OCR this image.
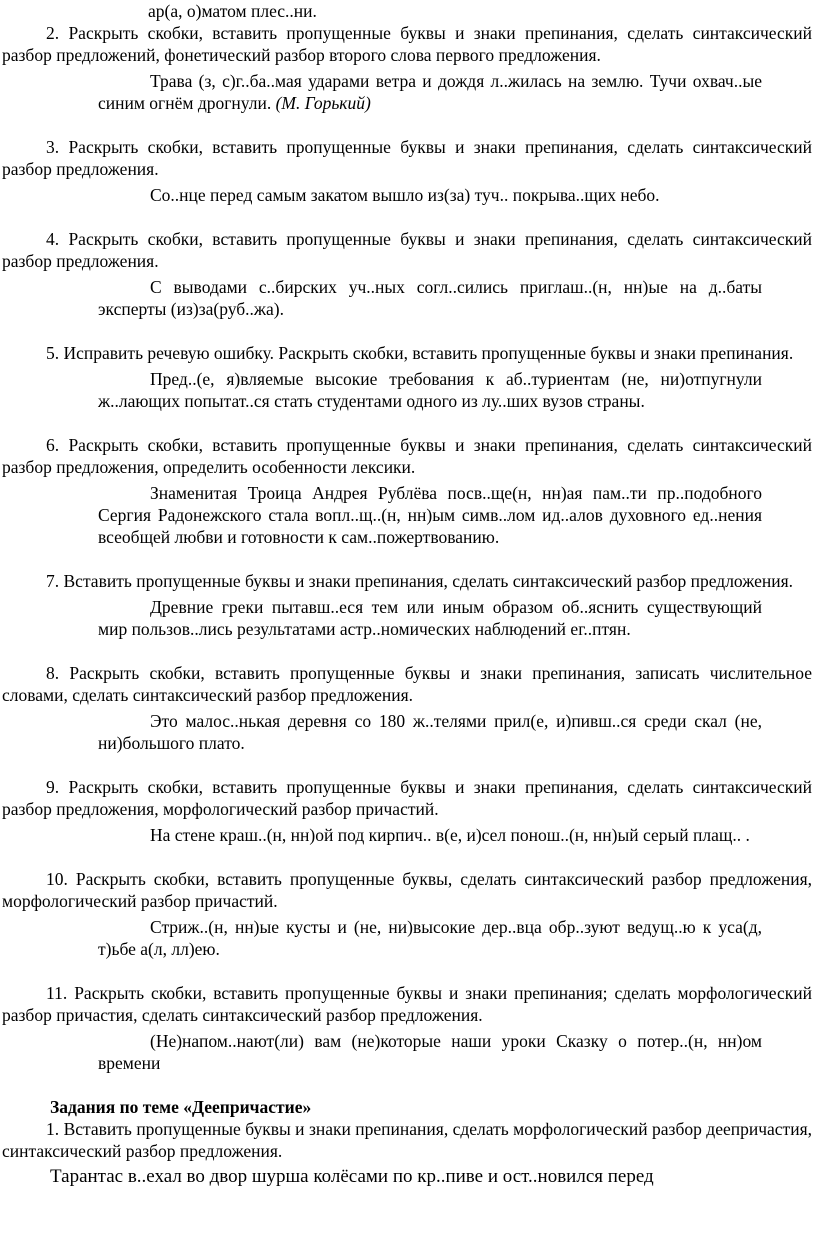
ар(а, о)матом плес..ни.

2. Раскрыть скобки, вставить пропущенные буквы и знаки препинания, сделать синтаксический разбор предложений, фонетический разбор второго слова первого предложения.

Трава (з, с)г..ба..мая ударами ветра и дождя л..жилась на землю. Тучи охвач..ые синим огнём дрогнули. (М. Горький)

3. Раскрыть скобки, вставить пропущенные буквы и знаки препинания, сделать синтаксический разбор предложения.

Со..нце перед самым закатом вышло из(за) туч.. покрыва..щих небо.

4. Раскрыть скобки, вставить пропущенные буквы и знаки препинания, сделать синтаксический разбор предложения.

С выводами с..бирских уч..ных согл..сились приглаш..(н, нн)ые на д..баты эксперты (из)за(руб..жа).

5. Исправить речевую ошибку. Раскрыть скобки, вставить пропущенные буквы и знаки препинания.

Пред..(е, я)вляемые высокие требования к аб..туриентам (не, ни)отпугнули ж..лающих попытат..ся стать студентами одного из лу..ших вузов страны.

6. Раскрыть скобки, вставить пропущенные буквы и знаки препинания, сделать синтаксический разбор предложения, определить особенности лексики.

Знаменитая Троица Андрея Рублёва посв..ще(н, нн)ая пам..ти пр..подобного Сергия Радонежского стала вопл..щ..(н, нн)ым симв..лом ид..алов духовного ед..нения всеобщей любви и готовности к сам..пожертвованию.

7. Вставить пропущенные буквы и знаки препинания, сделать синтаксический разбор предложения.

Древние греки пытавш..еся тем или иным образом об..яснить существующий мир пользов..лись результатами астр..номических наблюдений ег..птян.

8. Раскрыть скобки, вставить пропущенные буквы и знаки препинания, записать числительное словами, сделать синтаксический разбор предложения.

Это малос..нькая деревня со 180 ж..телями прил(е, и)пивш..ся среди скал (не, ни)большого плато.

9. Раскрыть скобки, вставить пропущенные буквы и знаки препинания, сделать синтаксический разбор предложения, морфологический разбор причастий.

На стене краш..(н, нн)ой под кирпич.. в(е, и)сел понош..(н, нн)ый серый плащ.. .

10. Раскрыть скобки, вставить пропущенные буквы, сделать синтаксический разбор предложения, морфологический разбор причастий.

Стриж..(н, нн)ые кусты и (не, ни)высокие дер..вца обр..зуют ведущ..ю к уса(д, т)ьбе а(л, лл)ею.

11. Раскрыть скобки, вставить пропущенные буквы и знаки препинания; сделать морфологический разбор причастия, сделать синтаксический разбор предложения.

(Не)напом..нают(ли) вам (не)которые наши уроки Сказку о потер..(н, нн)ом времени

Задания по теме «Деепричастие»

1. Вставить пропущенные буквы и знаки препинания, сделать морфологический разбор деепричастия, синтаксический разбор предложения.

Тарантас в..ехал во двор шурша колёсами по кр..пиве и ост..новился перед
